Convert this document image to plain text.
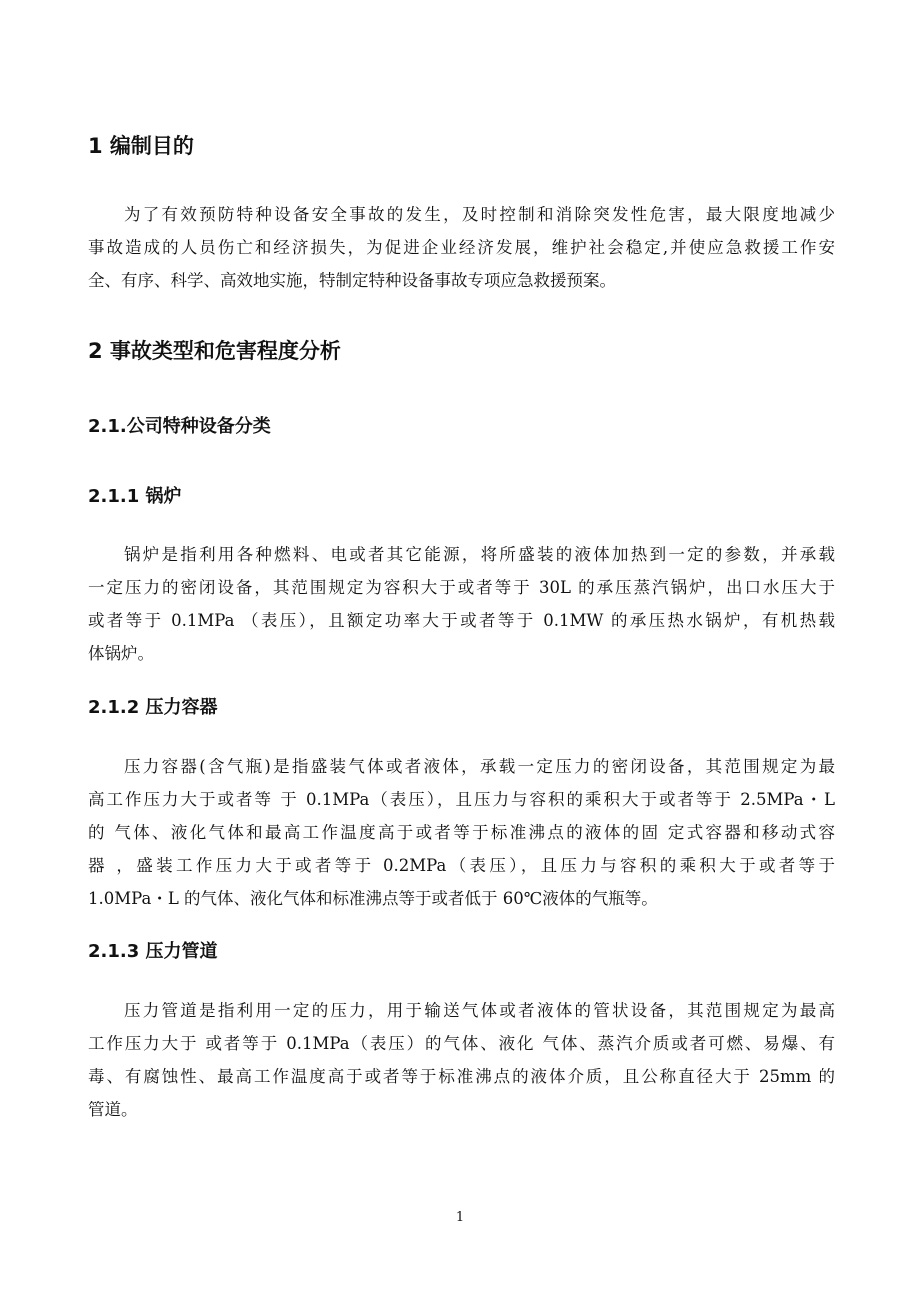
1 编制目的

为了有效预防特种设备安全事故的发生，及时控制和消除突发性危害，最大限度地减少
事故造成的人员伤亡和经济损失，为促进企业经济发展，维护社会稳定,并使应急救援工作安
全、有序、科学、高效地实施，特制定特种设备事故专项应急救援预案。

2 事故类型和危害程度分析
2.1.公司特种设备分类
2.1.1 锅炉

锅炉是指利用各种燃料、电或者其它能源，将所盛装的液体加热到一定的参数，并承载
一定压力的密闭设备，其范围规定为容积大于或者等于 30L 的承压蒸汽锅炉，出口水压大于
或者等于 0.1MPa （表压），且额定功率大于或者等于 0.1MW 的承压热水锅炉，有机热载
体锅炉。

2.1.2 压力容器

压力容器(含气瓶)是指盛装气体或者液体，承载一定压力的密闭设备，其范围规定为最
高工作压力大于或者等 于 0.1MPa（表压），且压力与容积的乘积大于或者等于 2.5MPa・L
的 气体、液化气体和最高工作温度高于或者等于标准沸点的液体的固 定式容器和移动式容
器 ，盛装工作压力大于或者等于 0.2MPa（表压），且压力与容积的乘积大于或者等于
1.0MPa・L 的气体、液化气体和标准沸点等于或者低于 60℃液体的气瓶等。

2.1.3 压力管道

压力管道是指利用一定的压力，用于输送气体或者液体的管状设备，其范围规定为最高
工作压力大于 或者等于 0.1MPa（表压）的气体、液化 气体、蒸汽介质或者可燃、易爆、有
毒、有腐蚀性、最高工作温度高于或者等于标准沸点的液体介质，且公称直径大于 25mm 的
管道。

1
